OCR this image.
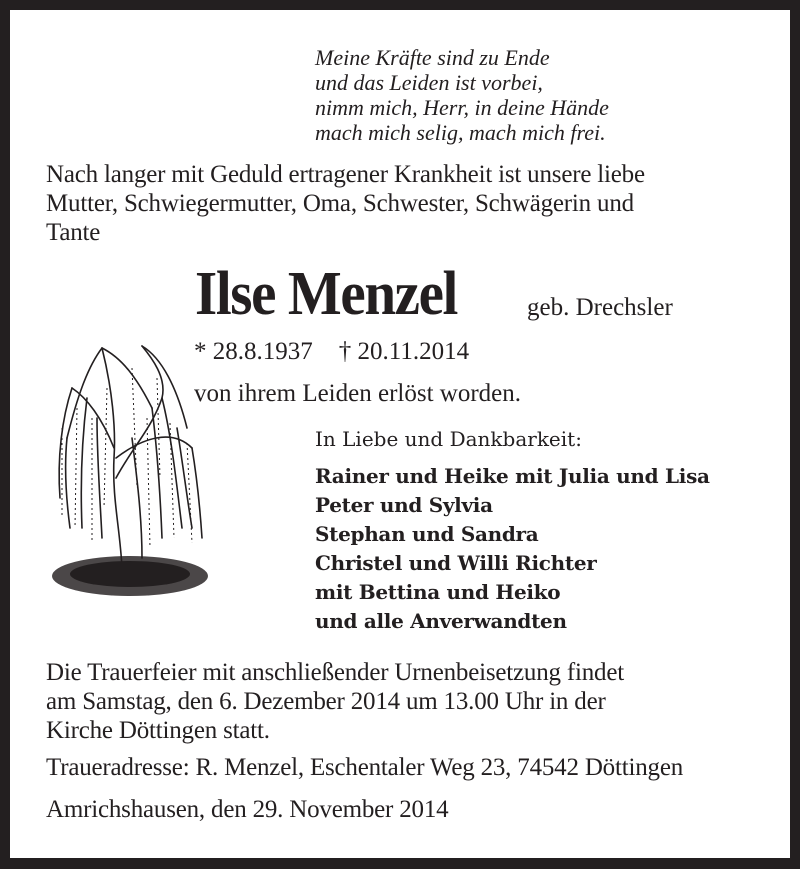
Meine Kräfte sind zu Ende
und das Leiden ist vorbei,
nimm mich, Herr, in deine Hände
mach mich selig, mach mich frei.
Nach langer mit Geduld ertragener Krankheit ist unsere liebe
Mutter, Schwiegermutter, Oma, Schwester, Schwägerin und
Tante
Ilse Menzel	geb. Drechsler
* 28.8.1937 † 20.11.2014
von ihrem Leiden erlöst worden.
In Liebe und Dankbarkeit:
Rainer und Heike mit Julia und Lisa
Peter und Sylvia
Stephan und Sandra
Christel und Willi Richter
mit Bettina und Heiko
und alle Anverwandten
Die Trauerfeier mit anschließender Urnenbeisetzung findet
am Samstag, den 6. Dezember 2014 um 13.00 Uhr in der
Kirche Döttingen statt.
Traueradresse: R. Menzel, Eschentaler Weg 23, 74542 Döttingen
Amrichshausen, den 29. November 2014
